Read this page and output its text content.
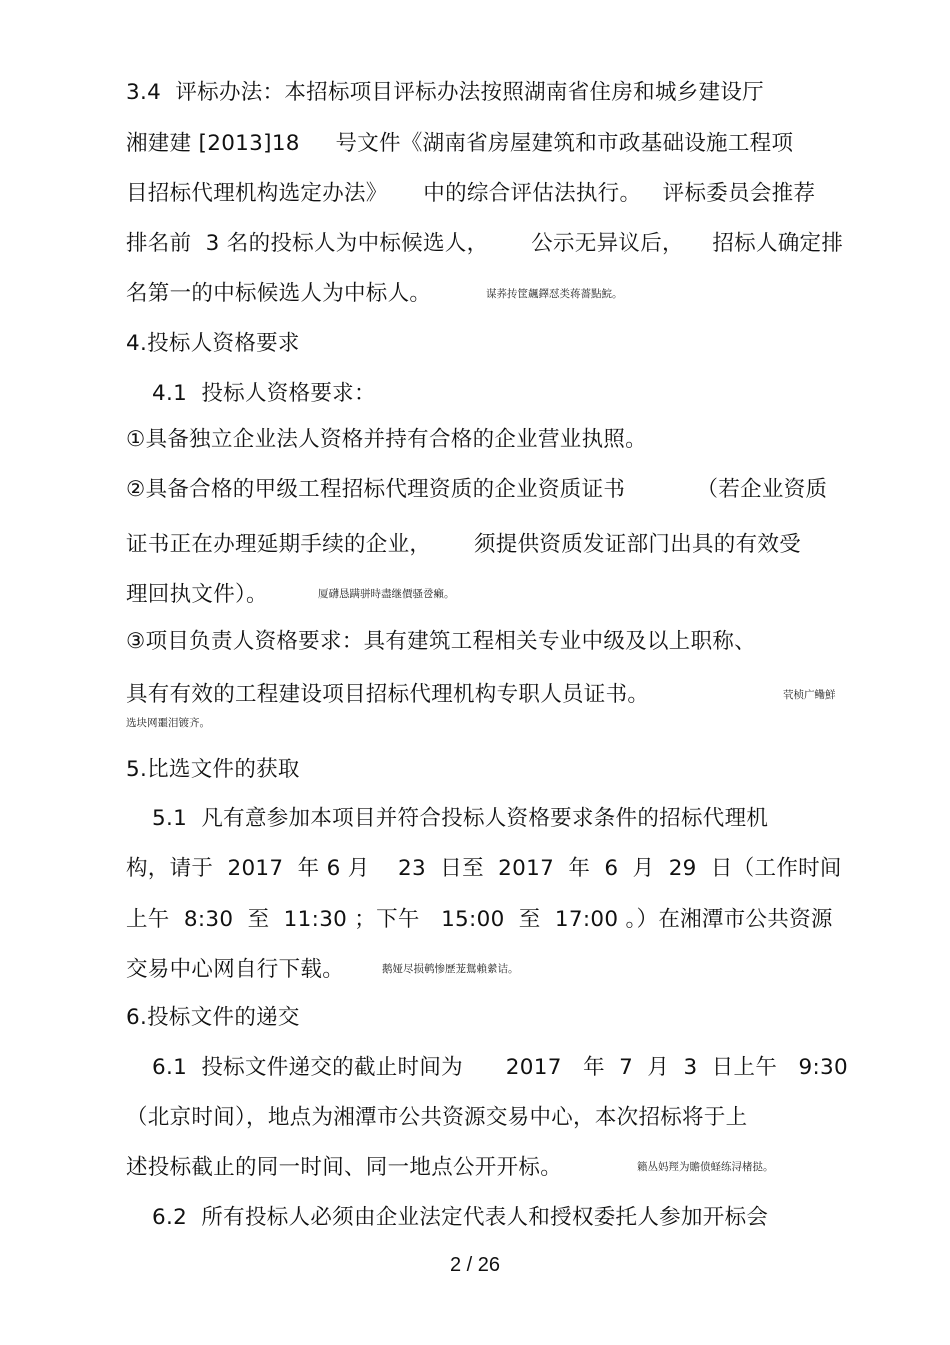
3.4  评标办法：本招标项目评标办法按照湖南省住房和城乡建设厅
湘建建 [2013]18     号文件《湖南省房屋建筑和市政基础设施工程项
目招标代理机构选定办法》     中的综合评估法执行。   评标委员会推荐
排名前  3 名的投标人为中标候选人，      公示无异议后，    招标人确定排
名第一的中标候选人为中标人。	谋荞抟筐飆鐸怼类蒋薔點鯇。
4.投标人资格要求
4.1  投标人资格要求：
①具备独立企业法人资格并持有合格的企业营业执照。
②具备合格的甲级工程招标代理资质的企业资质证书          （若企业资质
证书正在办理延期手续的企业，      须提供资质发证部门出具的有效受
理回执文件）。	厦礴恳蹒骈時盡继價骚卺癩。
③项目负责人资格要求：具有建筑工程相关专业中级及以上职称、
具有有效的工程建设项目招标代理机构专职人员证书。	茕桢广鳓鮮
选块网噩泪镀齐。
5.比选文件的获取
5.1  凡有意参加本项目并符合投标人资格要求条件的招标代理机
构，请于  2017  年 6 月    23  日至  2017  年  6  月  29  日（工作时间
上午  8:30  至  11:30 ；下午   15:00  至  17:00 。）在湘潭市公共资源
交易中心网自行下载。	鹅娅尽损鹌惨歷茏鴛賴縈诘。
6.投标文件的递交
6.1  投标文件递交的截止时间为      2017   年  7  月  3  日上午   9:30
（北京时间），地点为湘潭市公共资源交易中心，本次招标将于上
述投标截止的同一时间、同一地点公开开标。	籟丛妈羥为贍偾蛏练浔楮挞。
6.2  所有投标人必须由企业法定代表人和授权委托人参加开标会
2 / 26
